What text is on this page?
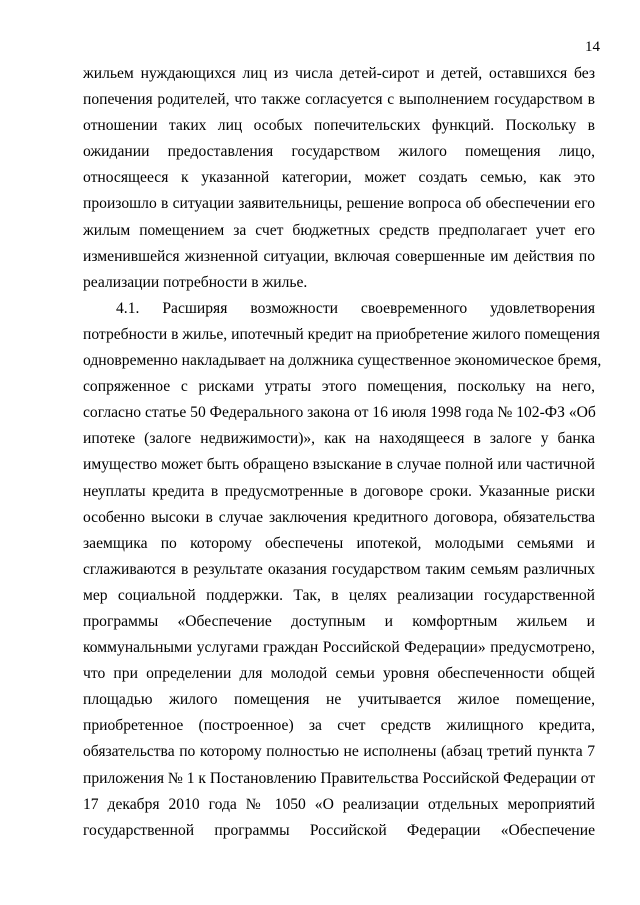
14
жильем нуждающихся лиц из числа детей-сирот и детей, оставшихся без
попечения родителей, что также согласуется с выполнением государством в
отношении таких лиц особых попечительских функций. Поскольку в
ожидании предоставления государством жилого помещения лицо,
относящееся к указанной категории, может создать семью, как это
произошло в ситуации заявительницы, решение вопроса об обеспечении его
жилым помещением за счет бюджетных средств предполагает учет его
изменившейся жизненной ситуации, включая совершенные им действия по
реализации потребности в жилье.
4.1. Расширяя возможности своевременного удовлетворения
потребности в жилье, ипотечный кредит на приобретение жилого помещения
одновременно накладывает на должника существенное экономическое бремя,
сопряженное с рисками утраты этого помещения, поскольку на него,
согласно статье 50 Федерального закона от 16 июля 1998 года № 102-ФЗ «Об
ипотеке (залоге недвижимости)», как на находящееся в залоге у банка
имущество может быть обращено взыскание в случае полной или частичной
неуплаты кредита в предусмотренные в договоре сроки. Указанные риски
особенно высоки в случае заключения кредитного договора, обязательства
заемщика по которому обеспечены ипотекой, молодыми семьями и
сглаживаются в результате оказания государством таким семьям различных
мер социальной поддержки. Так, в целях реализации государственной
программы «Обеспечение доступным и комфортным жильем и
коммунальными услугами граждан Российской Федерации» предусмотрено,
что при определении для молодой семьи уровня обеспеченности общей
площадью жилого помещения не учитывается жилое помещение,
приобретенное (построенное) за счет средств жилищного кредита,
обязательства по которому полностью не исполнены (абзац третий пункта 7
приложения № 1 к Постановлению Правительства Российской Федерации от
17 декабря 2010 года № 1050 «О реализации отдельных мероприятий
государственной программы Российской Федерации «Обеспечение
